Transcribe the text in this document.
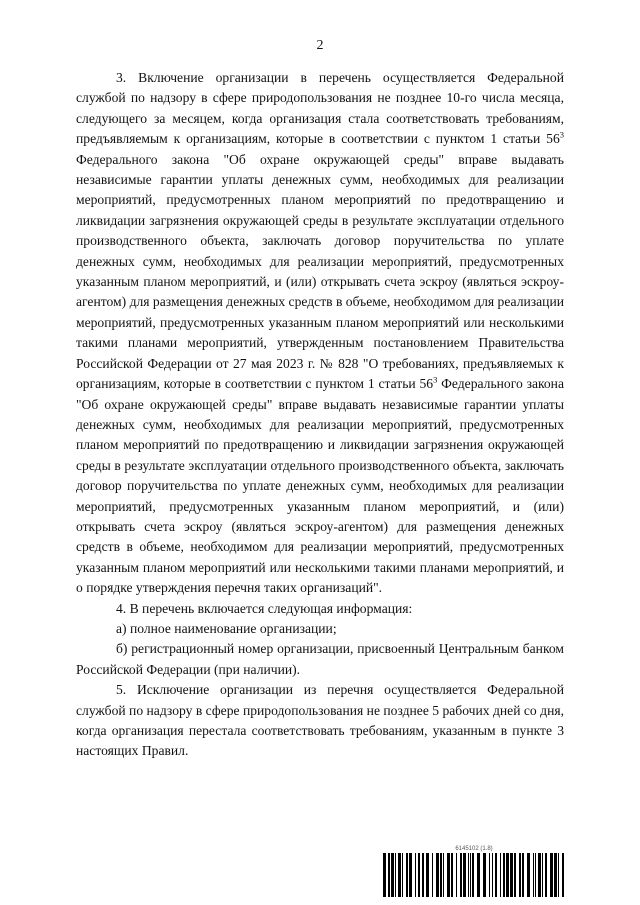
2

3. Включение организации в перечень осуществляется Федеральной службой по надзору в сфере природопользования не позднее 10-го числа месяца, следующего за месяцем, когда организация стала соответствовать требованиям, предъявляемым к организациям, которые в соответствии с пунктом 1 статьи $56^3$ Федерального закона "Об охране окружающей среды" вправе выдавать независимые гарантии уплаты денежных сумм, необходимых для реализации мероприятий, предусмотренных планом мероприятий по предотвращению и ликвидации загрязнения окружающей среды в результате эксплуатации отдельного производственного объекта, заключать договор поручительства по уплате денежных сумм, необходимых для реализации мероприятий, предусмотренных указанным планом мероприятий, и (или) открывать счета эскроу (являться эскроу-агентом) для размещения денежных средств в объеме, необходимом для реализации мероприятий, предусмотренных указанным планом мероприятий или несколькими такими планами мероприятий, утвержденным постановлением Правительства Российской Федерации от 27 мая 2023 г. № 828 "О требованиях, предъявляемых к организациям, которые в соответствии с пунктом 1 статьи $56^3$ Федерального закона "Об охране окружающей среды" вправе выдавать независимые гарантии уплаты денежных сумм, необходимых для реализации мероприятий, предусмотренных планом мероприятий по предотвращению и ликвидации загрязнения окружающей среды в результате эксплуатации отдельного производственного объекта, заключать договор поручительства по уплате денежных сумм, необходимых для реализации мероприятий, предусмотренных указанным планом мероприятий, и (или) открывать счета эскроу (являться эскроу-агентом) для размещения денежных средств в объеме, необходимом для реализации мероприятий, предусмотренных указанным планом мероприятий или несколькими такими планами мероприятий, и о порядке утверждения перечня таких организаций".

4. В перечень включается следующая информация:

а) полное наименование организации;

б) регистрационный номер организации, присвоенный Центральным банком Российской Федерации (при наличии).

5. Исключение организации из перечня осуществляется Федеральной службой по надзору в сфере природопользования не позднее 5 рабочих дней со дня, когда организация перестала соответствовать требованиям, указанным в пункте 3 настоящих Правил.

6145102 (1.8)
